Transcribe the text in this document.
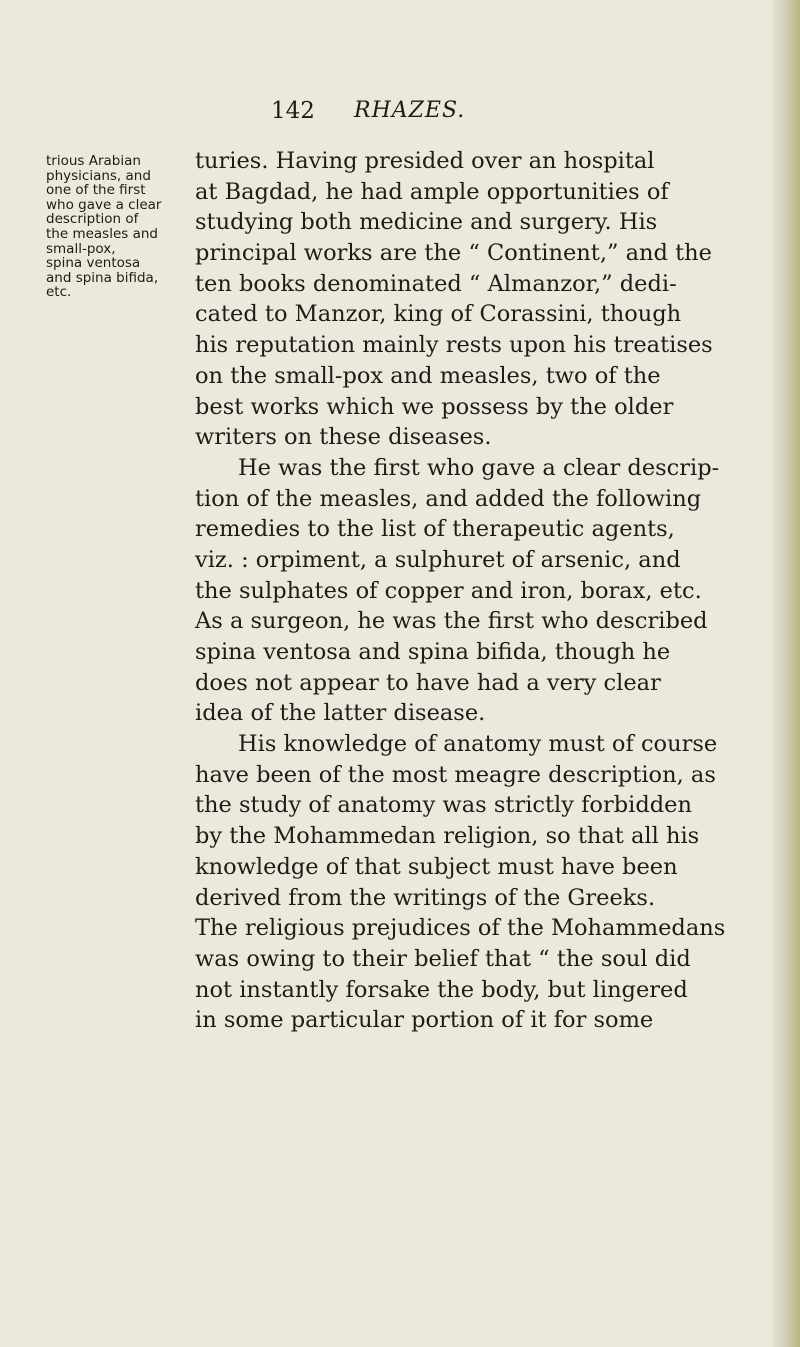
142 RHAZES.
trious Arabian
physicians, and
one of the first
who gave a clear
description of
the measles and
small-pox,
spina ventosa
and spina bifida,
etc.
turies. Having presided over an hospital
at Bagdad, he had ample opportunities of
studying both medicine and surgery. His
principal works are the “ Continent,” and the
ten books denominated “ Almanzor,” dedi-
cated to Manzor, king of Corassini, though
his reputation mainly rests upon his treatises
on the small-pox and measles, two of the
best works which we possess by the older
writers on these diseases.
He was the first who gave a clear descrip-
tion of the measles, and added the following
remedies to the list of therapeutic agents,
viz. : orpiment, a sulphuret of arsenic, and
the sulphates of copper and iron, borax, etc.
As a surgeon, he was the first who described
spina ventosa and spina bifida, though he
does not appear to have had a very clear
idea of the latter disease.
His knowledge of anatomy must of course
have been of the most meagre description, as
the study of anatomy was strictly forbidden
by the Mohammedan religion, so that all his
knowledge of that subject must have been
derived from the writings of the Greeks.
The religious prejudices of the Mohammedans
was owing to their belief that “ the soul did
not instantly forsake the body, but lingered
in some particular portion of it for some
